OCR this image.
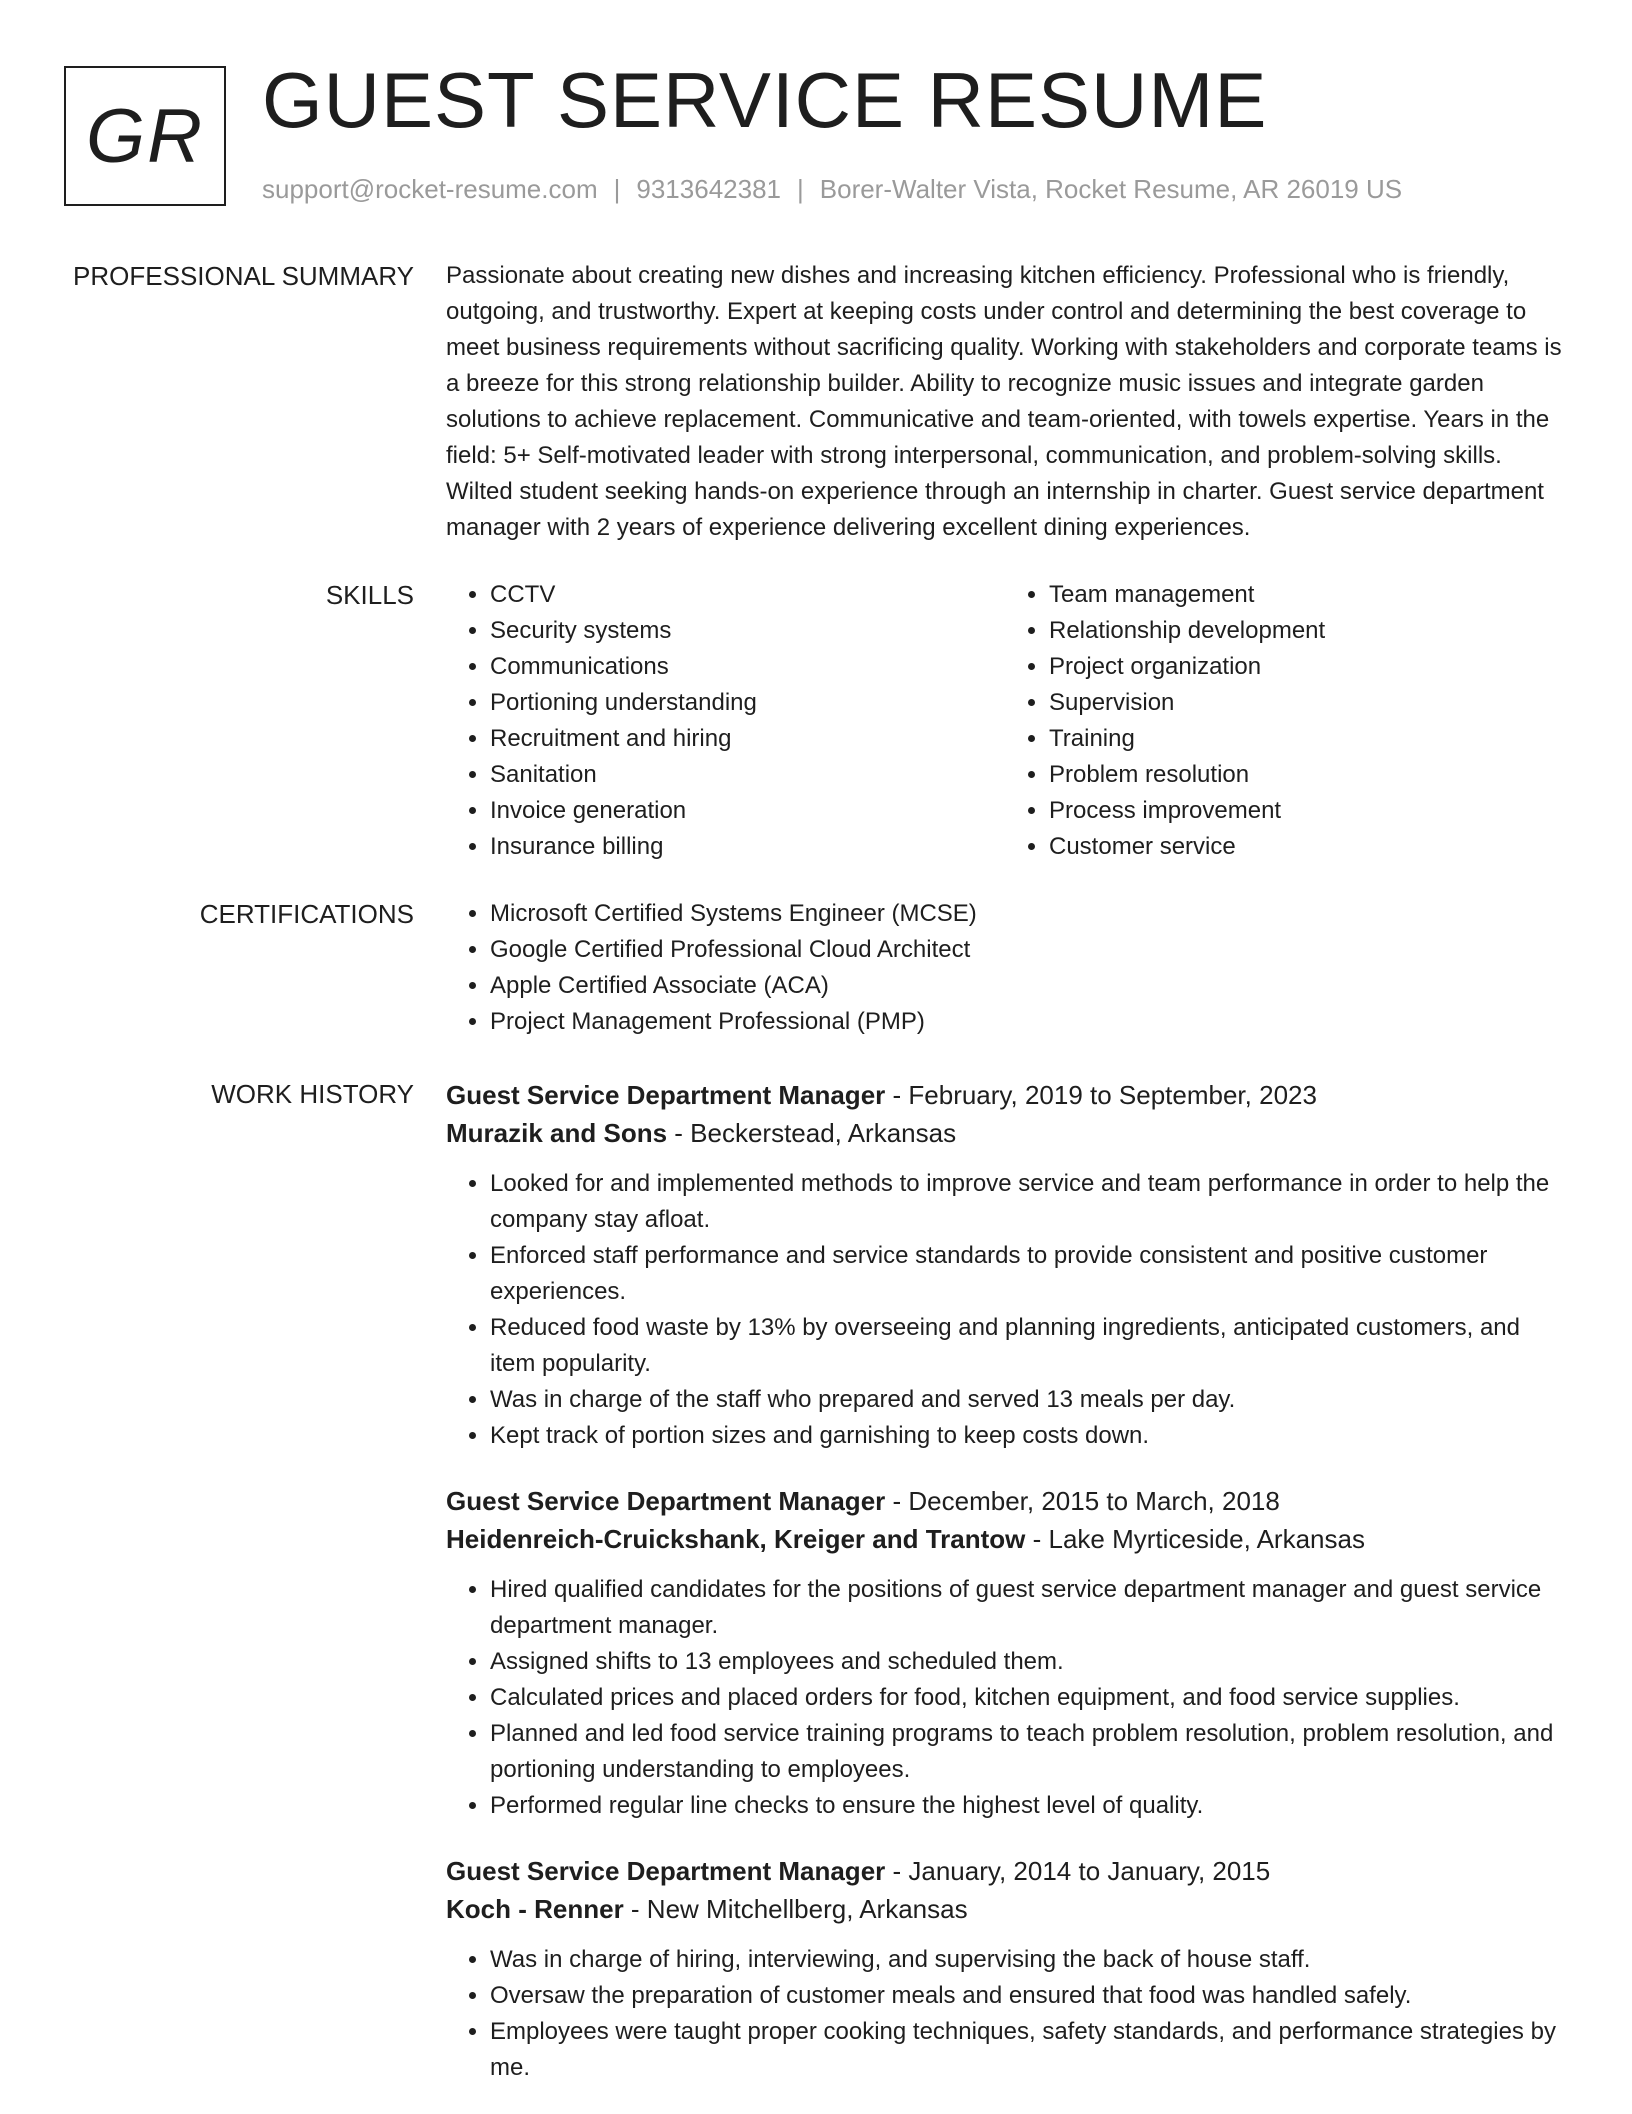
GR GUEST SERVICE RESUME
support@rocket-resume.com | 9313642381 | Borer-Walter Vista, Rocket Resume, AR 26019 US
PROFESSIONAL SUMMARY Passionate about creating new dishes and increasing kitchen efficiency. Professional who is friendly, outgoing, and trustworthy. Expert at keeping costs under control and determining the best coverage to meet business requirements without sacrificing quality. Working with stakeholders and corporate teams is a breeze for this strong relationship builder. Ability to recognize music issues and integrate garden solutions to achieve replacement. Communicative and team-oriented, with towels expertise. Years in the field: 5+ Self-motivated leader with strong interpersonal, communication, and problem-solving skills. Wilted student seeking hands-on experience through an internship in charter. Guest service department manager with 2 years of experience delivering excellent dining experiences.
SKILLS	• CCTV
• Security systems
• Communications
• Portioning understanding
• Recruitment and hiring
• Sanitation
• Invoice generation
• Insurance billing
• Team management
• Relationship development
• Project organization
• Supervision
• Training
• Problem resolution
• Process improvement
• Customer service
CERTIFICATIONS	• Microsoft Certified Systems Engineer (MCSE)
• Google Certified Professional Cloud Architect
• Apple Certified Associate (ACA)
• Project Management Professional (PMP)
WORK HISTORY Guest Service Department Manager - February, 2019 to September, 2023
Murazik and Sons - Beckerstead, Arkansas
• Looked for and implemented methods to improve service and team performance in order to help the company stay afloat.
• Enforced staff performance and service standards to provide consistent and positive customer experiences.
• Reduced food waste by 13% by overseeing and planning ingredients, anticipated customers, and item popularity.
• Was in charge of the staff who prepared and served 13 meals per day.
• Kept track of portion sizes and garnishing to keep costs down.
Guest Service Department Manager - December, 2015 to March, 2018
Heidenreich-Cruickshank, Kreiger and Trantow - Lake Myrticeside, Arkansas
• Hired qualified candidates for the positions of guest service department manager and guest service department manager.
• Assigned shifts to 13 employees and scheduled them.
• Calculated prices and placed orders for food, kitchen equipment, and food service supplies.
• Planned and led food service training programs to teach problem resolution, problem resolution, and portioning understanding to employees.
• Performed regular line checks to ensure the highest level of quality.
Guest Service Department Manager - January, 2014 to January, 2015
Koch - Renner - New Mitchellberg, Arkansas
• Was in charge of hiring, interviewing, and supervising the back of house staff.
• Oversaw the preparation of customer meals and ensured that food was handled safely.
• Employees were taught proper cooking techniques, safety standards, and performance strategies by me.
